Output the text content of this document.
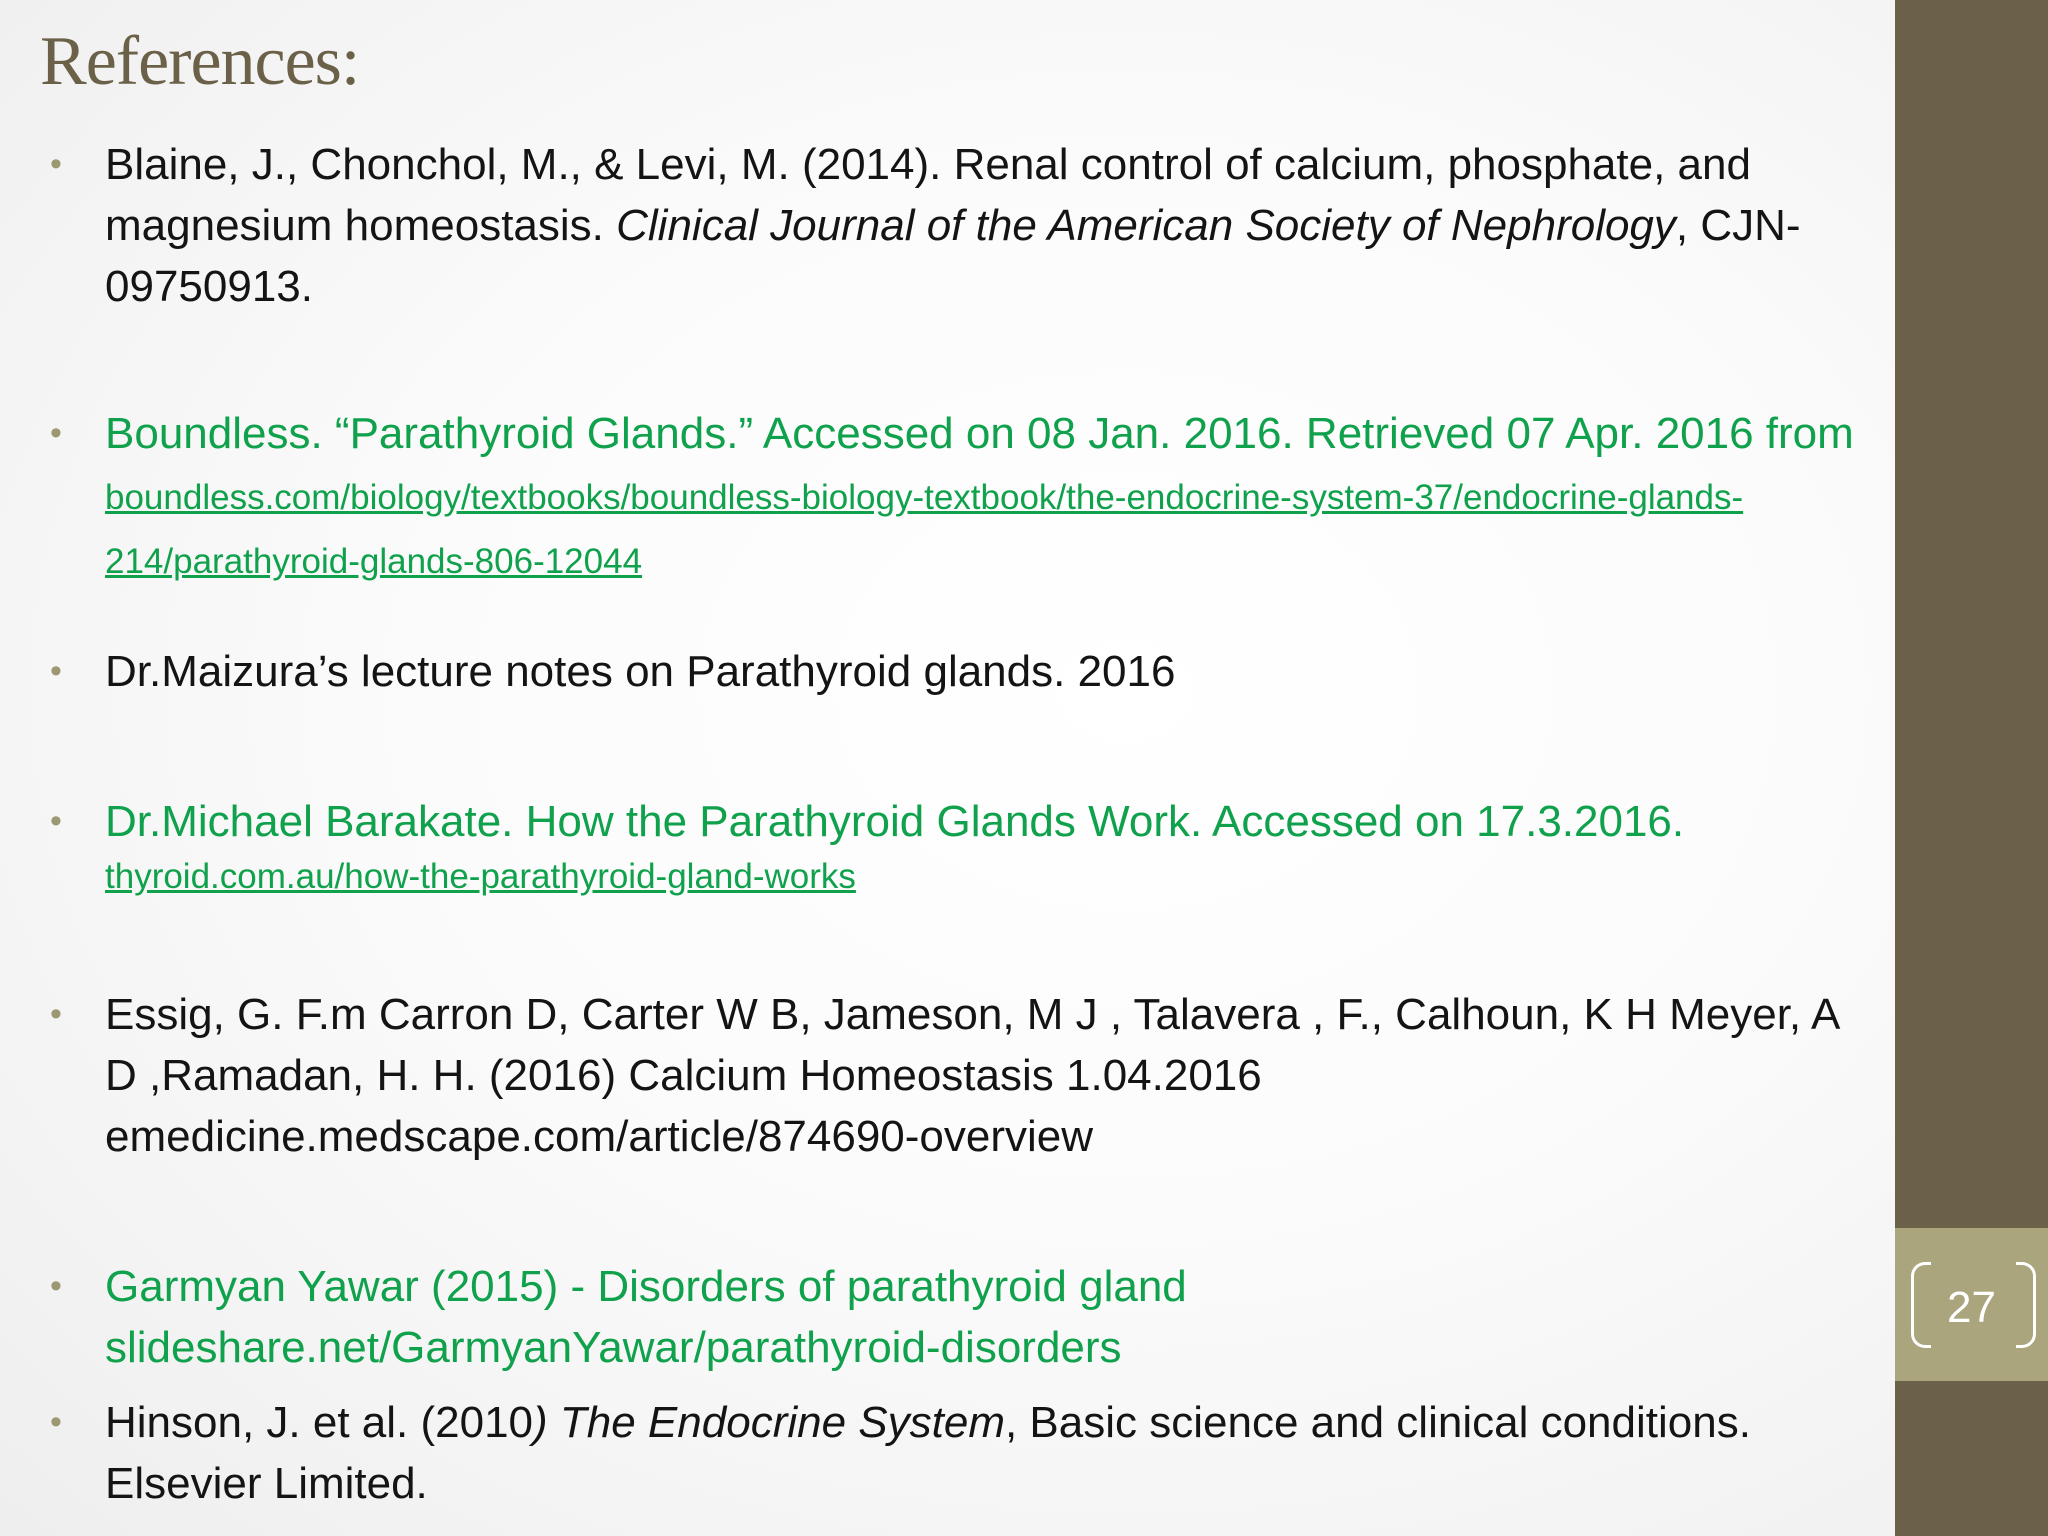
References:
• Blaine, J., Chonchol, M., & Levi, M. (2014). Renal control of calcium, phosphate, and magnesium homeostasis. Clinical Journal of the American Society of Nephrology, CJN-09750913.
• Boundless. “Parathyroid Glands.” Accessed on 08 Jan. 2016. Retrieved 07 Apr. 2016 from boundless.com/biology/textbooks/boundless-biology-textbook/the-endocrine-system-37/endocrine-glands-214/parathyroid-glands-806-12044
• Dr.Maizura’s lecture notes on Parathyroid glands. 2016
• Dr.Michael Barakate. How the Parathyroid Glands Work. Accessed on 17.3.2016.
thyroid.com.au/how-the-parathyroid-gland-works
• Essig, G. F.m Carron D, Carter W B, Jameson, M J , Talavera , F., Calhoun, K H Meyer, A D ,Ramadan, H. H. (2016) Calcium Homeostasis 1.04.2016 emedicine.medscape.com/article/874690-overview
• Garmyan Yawar (2015) - Disorders of parathyroid gland slideshare.net/GarmyanYawar/parathyroid-disorders
• Hinson, J. et al. (2010) The Endocrine System, Basic science and clinical conditions. Elsevier Limited.
27
